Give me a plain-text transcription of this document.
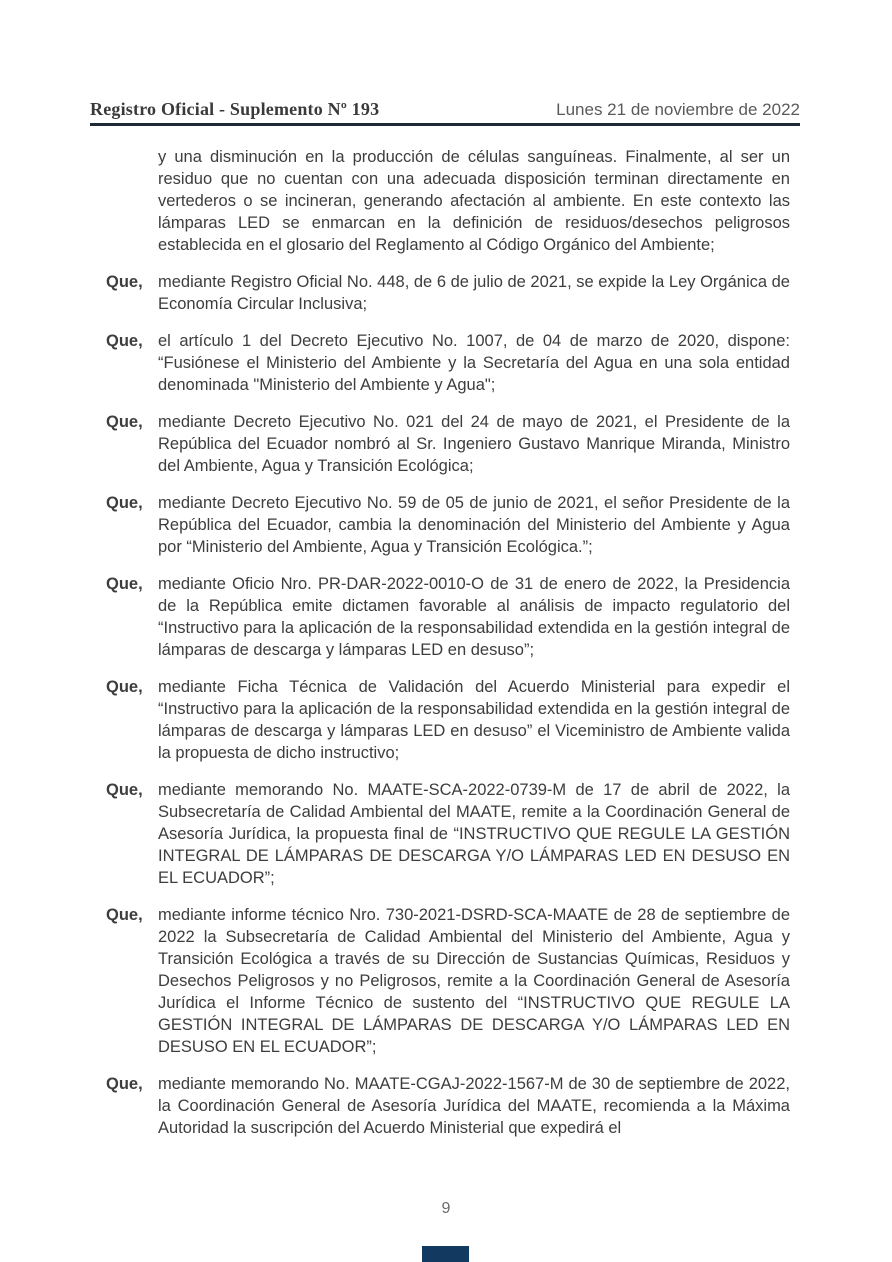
Registro Oficial - Suplemento Nº 193	Lunes 21 de noviembre de 2022
y una disminución en la producción de células sanguíneas. Finalmente, al ser un residuo que no cuentan con una adecuada disposición terminan directamente en vertederos o se incineran, generando afectación al ambiente. En este contexto las lámparas LED se enmarcan en la definición de residuos/desechos peligrosos establecida en el glosario del Reglamento al Código Orgánico del Ambiente;
Que, mediante Registro Oficial No. 448, de 6 de julio de 2021, se expide la Ley Orgánica de Economía Circular Inclusiva;
Que, el artículo 1 del Decreto Ejecutivo No. 1007, de 04 de marzo de 2020, dispone: “Fusiónese el Ministerio del Ambiente y la Secretaría del Agua en una sola entidad denominada "Ministerio del Ambiente y Agua";
Que, mediante Decreto Ejecutivo No. 021 del 24 de mayo de 2021, el Presidente de la República del Ecuador nombró al Sr. Ingeniero Gustavo Manrique Miranda, Ministro del Ambiente, Agua y Transición Ecológica;
Que, mediante Decreto Ejecutivo No. 59 de 05 de junio de 2021, el señor Presidente de la República del Ecuador, cambia la denominación del Ministerio del Ambiente y Agua por “Ministerio del Ambiente, Agua y Transición Ecológica.”;
Que, mediante Oficio Nro. PR-DAR-2022-0010-O de 31 de enero de 2022, la Presidencia de la República emite dictamen favorable al análisis de impacto regulatorio del “Instructivo para la aplicación de la responsabilidad extendida en la gestión integral de lámparas de descarga y lámparas LED en desuso”;
Que, mediante Ficha Técnica de Validación del Acuerdo Ministerial para expedir el “Instructivo para la aplicación de la responsabilidad extendida en la gestión integral de lámparas de descarga y lámparas LED en desuso” el Viceministro de Ambiente valida la propuesta de dicho instructivo;
Que, mediante memorando No. MAATE-SCA-2022-0739-M de 17 de abril de 2022, la Subsecretaría de Calidad Ambiental del MAATE, remite a la Coordinación General de Asesoría Jurídica, la propuesta final de “INSTRUCTIVO QUE REGULE LA GESTIÓN INTEGRAL DE LÁMPARAS DE DESCARGA Y/O LÁMPARAS LED EN DESUSO EN EL ECUADOR”;
Que, mediante informe técnico Nro. 730-2021-DSRD-SCA-MAATE de 28 de septiembre de 2022 la Subsecretaría de Calidad Ambiental del Ministerio del Ambiente, Agua y Transición Ecológica a través de su Dirección de Sustancias Químicas, Residuos y Desechos Peligrosos y no Peligrosos, remite a la Coordinación General de Asesoría Jurídica el Informe Técnico de sustento del “INSTRUCTIVO QUE REGULE LA GESTIÓN INTEGRAL DE LÁMPARAS DE DESCARGA Y/O LÁMPARAS LED EN DESUSO EN EL ECUADOR”;
Que, mediante memorando No. MAATE-CGAJ-2022-1567-M de 30 de septiembre de 2022, la Coordinación General de Asesoría Jurídica del MAATE, recomienda a la Máxima Autoridad la suscripción del Acuerdo Ministerial que expedirá el
9
